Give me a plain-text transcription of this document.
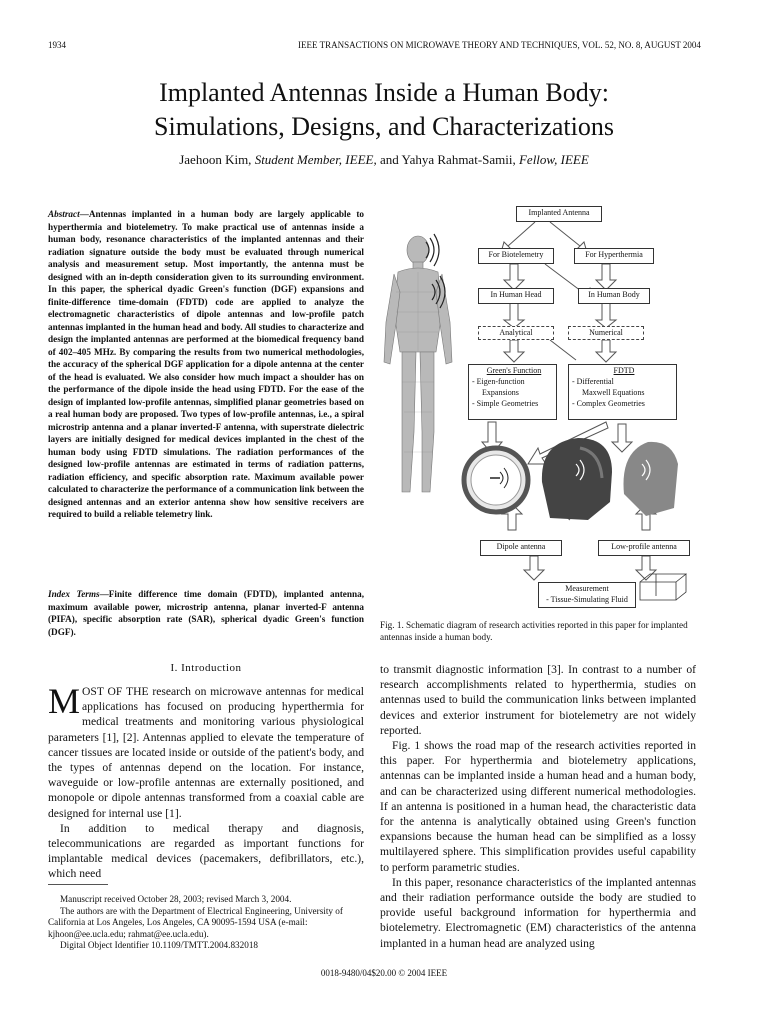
1934	IEEE TRANSACTIONS ON MICROWAVE THEORY AND TECHNIQUES, VOL. 52, NO. 8, AUGUST 2004
Implanted Antennas Inside a Human Body:
Simulations, Designs, and Characterizations
Jaehoon Kim, Student Member, IEEE, and Yahya Rahmat-Samii, Fellow, IEEE
Abstract—Antennas implanted in a human body are largely applicable to hyperthermia and biotelemetry. To make practical use of antennas inside a human body, resonance characteristics of the implanted antennas and their radiation signature outside the body must be evaluated through numerical analysis and measurement setup. Most importantly, the antenna must be designed with an in-depth consideration given to its surrounding environment. In this paper, the spherical dyadic Green's function (DGF) expansions and finite-difference time-domain (FDTD) code are applied to analyze the electromagnetic characteristics of dipole antennas and low-profile patch antennas implanted in the human head and body. All studies to characterize and design the implanted antennas are performed at the biomedical frequency band of 402–405 MHz. By comparing the results from two numerical methodologies, the accuracy of the spherical DGF application for a dipole antenna at the center of the head is evaluated. We also consider how much impact a shoulder has on the performance of the dipole inside the head using FDTD. For the ease of the design of implanted low-profile antennas, simplified planar geometries based on a real human body are proposed. Two types of low-profile antennas, i.e., a spiral microstrip antenna and a planar inverted-F antenna, with superstrate dielectric layers are initially designed for medical devices implanted in the chest of the human body using FDTD simulations. The radiation performances of the designed low-profile antennas are estimated in terms of radiation patterns, radiation efficiency, and specific absorption rate. Maximum available power calculated to characterize the performance of a communication link between the designed antennas and an exterior antenna show how sensitive receivers are required to build a reliable telemetry link.
Index Terms—Finite difference time domain (FDTD), implanted antenna, maximum available power, microstrip antenna, planar inverted-F antenna (PIFA), specific absorption rate (SAR), spherical dyadic Green's function (DGF).
Implanted Antenna
For Biotelemetry	For Hyperthermia
In Human Head	In Human Body
Analytical	Numerical
Green's Function
- Eigen-function
Expansions
- Simple Geometries
FDTD
- Differential
Maxwell Equations
- Complex Geometries
Dipole antenna	Low-profile antenna
Measurement
- Tissue-Simulating Fluid
Fig. 1. Schematic diagram of research activities reported in this paper for implanted antennas inside a human body.
I. Introduction

MOST OF THE research on microwave antennas for medical applications has focused on producing hyperthermia for medical treatments and monitoring various physiological parameters [1], [2]. Antennas applied to elevate the temperature of cancer tissues are located inside or outside of the patient's body, and the types of antennas depend on the location. For instance, waveguide or low-profile antennas are externally positioned, and monopole or dipole antennas transformed from a coaxial cable are designed for internal use [1].

In addition to medical therapy and diagnosis, telecommunications are regarded as important functions for implantable medical devices (pacemakers, defibrillators, etc.), which need

Manuscript received October 28, 2003; revised March 3, 2004.

The authors are with the Department of Electrical Engineering, University of California at Los Angeles, Los Angeles, CA 90095-1594 USA (e-mail: kjhoon@ee.ucla.edu; rahmat@ee.ucla.edu).

Digital Object Identifier 10.1109/TMTT.2004.832018

to transmit diagnostic information [3]. In contrast to a number of research accomplishments related to hyperthermia, studies on antennas used to build the communication links between implanted devices and exterior instrument for biotelemetry are not widely reported.

Fig. 1 shows the road map of the research activities reported in this paper. For hyperthermia and biotelemetry applications, antennas can be implanted inside a human head and a human body, and can be characterized using different numerical methodologies. If an antenna is positioned in a human head, the characteristic data for the antenna is analytically obtained using Green's function expansions because the human head can be simplified as a lossy multilayered sphere. This simplification provides useful capability to perform parametric studies.

In this paper, resonance characteristics of the implanted antennas and their radiation performance outside the body are studied to provide useful background information for hyperthermia and biotelemetry. Electromagnetic (EM) characteristics of the antenna implanted in a human head are analyzed using

0018-9480/04$20.00 © 2004 IEEE
